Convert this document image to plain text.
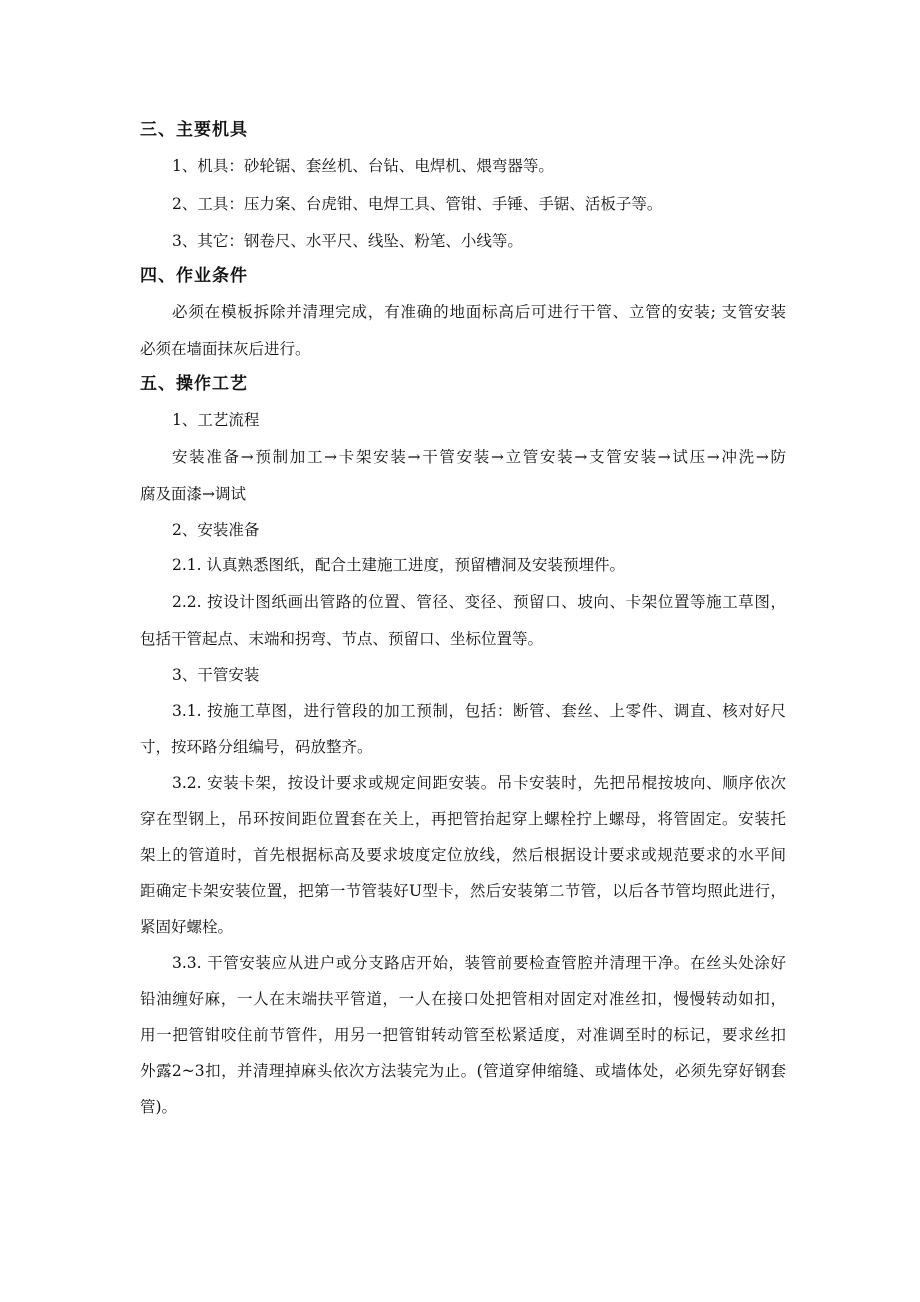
三、主要机具
1、机具：砂轮锯、套丝机、台钻、电焊机、煨弯器等。
2、工具：压力案、台虎钳、电焊工具、管钳、手锤、手锯、活板子等。
3、其它：钢卷尺、水平尺、线坠、粉笔、小线等。
四、作业条件
必须在模板拆除并清理完成，有准确的地面标高后可进行干管、立管的安装; 支管安装
必须在墙面抹灰后进行。
五、操作工艺
1、工艺流程
安装准备→预制加工→卡架安装→干管安装→立管安装→支管安装→试压→冲洗→防
腐及面漆→调试
2、安装准备
2.1. 认真熟悉图纸，配合土建施工进度，预留槽洞及安装预埋件。
2.2. 按设计图纸画出管路的位置、管径、变径、预留口、坡向、卡架位置等施工草图，
包括干管起点、末端和拐弯、节点、预留口、坐标位置等。
3、干管安装
3.1. 按施工草图，进行管段的加工预制，包括：断管、套丝、上零件、调直、核对好尺
寸，按环路分组编号，码放整齐。
3.2. 安装卡架，按设计要求或规定间距安装。吊卡安装时，先把吊棍按坡向、顺序依次
穿在型钢上，吊环按间距位置套在关上，再把管抬起穿上螺栓拧上螺母，将管固定。安装托
架上的管道时，首先根据标高及要求坡度定位放线，然后根据设计要求或规范要求的水平间
距确定卡架安装位置，把第一节管装好U型卡，然后安装第二节管，以后各节管均照此进行，
紧固好螺栓。
3.3. 干管安装应从进户或分支路店开始，装管前要检查管腔并清理干净。在丝头处涂好
铅油缠好麻，一人在末端扶平管道，一人在接口处把管相对固定对准丝扣，慢慢转动如扣，
用一把管钳咬住前节管件，用另一把管钳转动管至松紧适度，对准调至时的标记，要求丝扣
外露2~3扣，并清理掉麻头依次方法装完为止。(管道穿伸缩缝、或墙体处，必须先穿好钢套
管)。
